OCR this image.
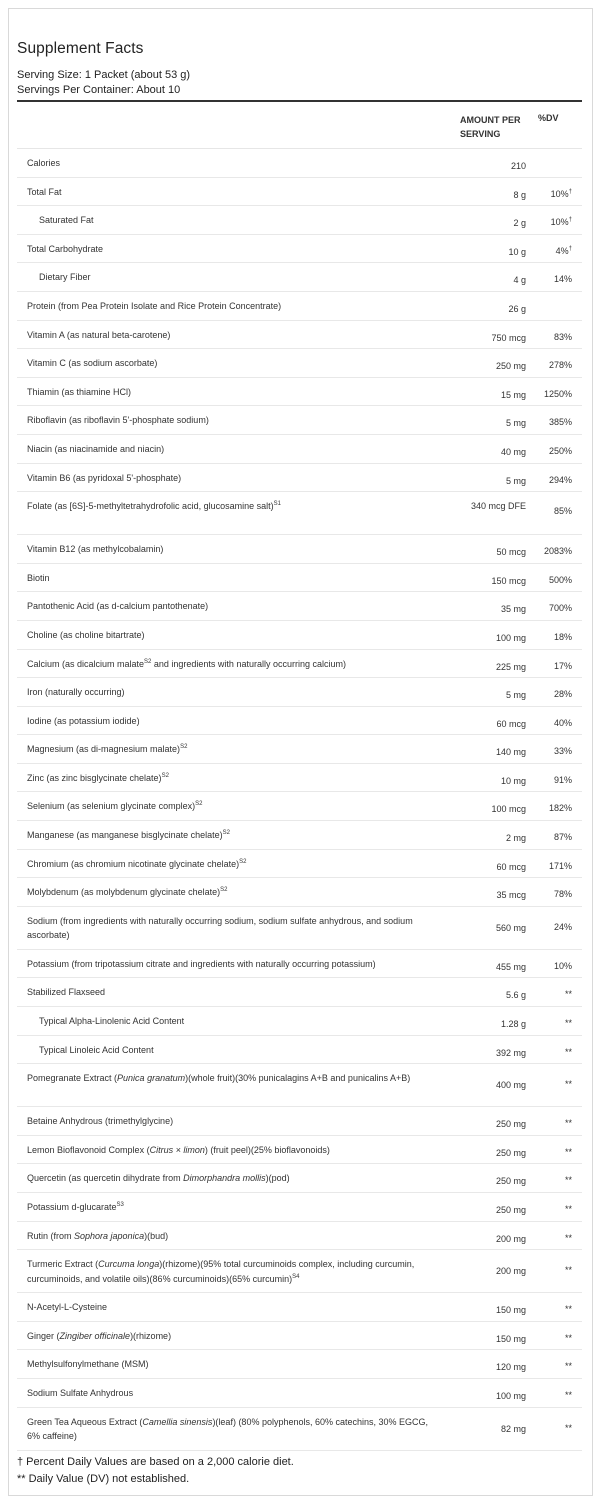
Supplement Facts

Serving Size: 1 Packet (about 53 g)

Servings Per Container: About 10

AMOUNT PER SERVING
%DV
Calories	210
Total Fat	8 g	10%†
Saturated Fat	2 g	10%†
Total Carbohydrate	10 g	4%†
Dietary Fiber	4 g	14%
Protein (from Pea Protein Isolate and Rice Protein Concentrate)	26 g
Vitamin A (as natural beta-carotene)	750 mcg	83%
Vitamin C (as sodium ascorbate)	250 mg	278%
Thiamin (as thiamine HCl)	15 mg	1250%
Riboflavin (as riboflavin 5'-phosphate sodium)	5 mg	385%
Niacin (as niacinamide and niacin)	40 mg	250%
Vitamin B6 (as pyridoxal 5'-phosphate)	5 mg	294%
Folate (as [6S]-5-methyltetrahydrofolic acid, glucosamine salt)$^{S1}$	340 mcg DFE	85%
Vitamin B12 (as methylcobalamin)	50 mcg	2083%
Biotin	150 mcg	500%
Pantothenic Acid (as d-calcium pantothenate)	35 mg	700%
Choline (as choline bitartrate)	100 mg	18%
Calcium (as dicalcium malate$^{S2}$ and ingredients with naturally occurring calcium)	225 mg	17%
Iron (naturally occurring)	5 mg	28%
Iodine (as potassium iodide)	60 mcg	40%
Magnesium (as di-magnesium malate)$^{S2}$	140 mg	33%
Zinc (as zinc bisglycinate chelate)$^{S2}$	10 mg	91%
Selenium (as selenium glycinate complex)$^{S2}$	100 mcg	182%
Manganese (as manganese bisglycinate chelate)$^{S2}$	2 mg	87%
Chromium (as chromium nicotinate glycinate chelate)$^{S2}$	60 mcg	171%
Molybdenum (as molybdenum glycinate chelate)$^{S2}$	35 mcg	78%
Sodium (from ingredients with naturally occurring sodium, sodium sulfate anhydrous, and sodium ascorbate)
560 mg	24%
Potassium (from tripotassium citrate and ingredients with naturally occurring potassium)	455 mg	10%
Stabilized Flaxseed	5.6 g	**
Typical Alpha-Linolenic Acid Content	1.28 g	**
Typical Linoleic Acid Content	392 mg	**
Pomegranate Extract (Punica granatum)(whole fruit)(30% punicalagins A+B and punicalins A+B)
400 mg	**
Betaine Anhydrous (trimethylglycine)	250 mg	**
Lemon Bioflavonoid Complex (Citrus × limon) (fruit peel)(25% bioflavonoids)	250 mg	**
Quercetin (as quercetin dihydrate from Dimorphandra mollis)(pod)	250 mg	**
Potassium d-glucarate$^{S3}$	250 mg	**
Rutin (from Sophora japonica)(bud)	200 mg	**
Turmeric Extract (Curcuma longa)(rhizome)(95% total curcuminoids complex, including curcumin, curcuminoids, and volatile oils)(86% curcuminoids)(65% curcumin)$^{S4}$
200 mg	**
N-Acetyl-L-Cysteine	150 mg	**
Ginger (Zingiber officinale)(rhizome)	150 mg	**
Methylsulfonylmethane (MSM)	120 mg	**
Sodium Sulfate Anhydrous	100 mg	**
Green Tea Aqueous Extract (Camellia sinensis)(leaf) (80% polyphenols, 60% catechins, 30% EGCG, 6% caffeine)
82 mg	**

† Percent Daily Values are based on a 2,000 calorie diet.

** Daily Value (DV) not established.
